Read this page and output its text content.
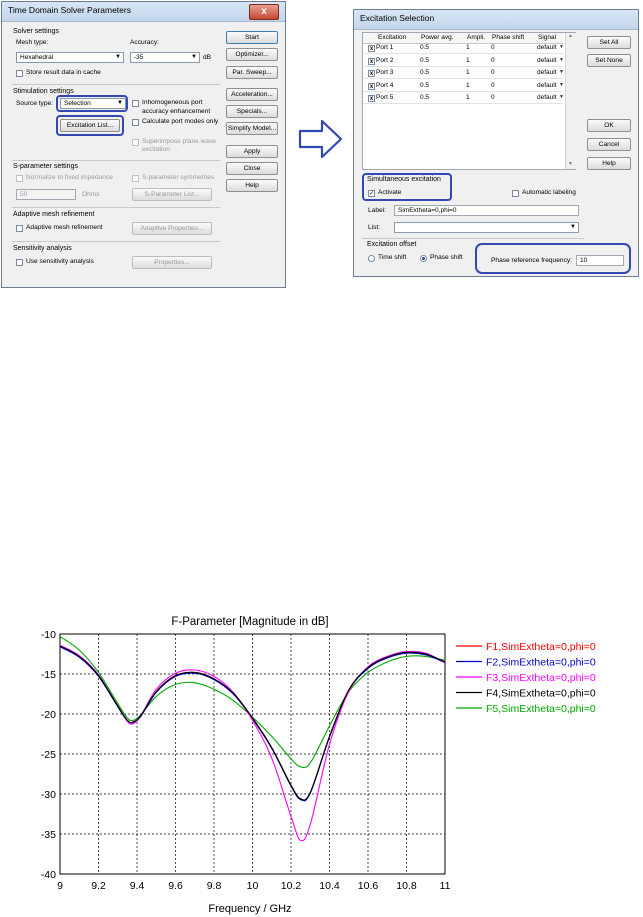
Time Domain Solver Parameters	x
Solver settings
Mesh type:
Hexahedral	▼
Accuracy:
-35	▼ dB
Store result data in cache
Stimulation settings
Source type:	Selection	▼
Excitation List...
Inhomogeneous port
accuracy enhancement
Calculate port modes only
Superimpose plane wave
excitation
S-parameter settings
Normalize to fixed impedance	S-parameter symmetries
50	Ohms	S-Parameter List...
Adaptive mesh refinement
Adaptive mesh refinement	Adaptive Properties...
Sensitivity analysis
Use sensitivity analysis	Properties...
Start
Optimizer...
Par. Sweep...
Acceleration...
Specials...
Simplify Model...
Apply
Close
Help
Excitation Selection
Excitation Power avg. Ampli. Phase shift Signal ▲
▼
x Port 1	0.5	1	0	default ▼
x Port 2	0.5	1	0	default ▼
x Port 3	0.5	1	0	default ▼
x Port 4	0.5	1	0	default ▼
x Port 5	0.5	1	0	default ▼
Set All
Set None
OK
Cancel
Help
Simultaneous excitation
✓ Activate	Automatic labeling
Label:	SimExtheta=0,phi=0
List:	▼
Excitation offset
Time shift	Phase shift	Phase reference frequency:	10
F-Parameter [Magnitude in dB]
Frequency / GHz
9	9.2 9.4 9.6 9.8 10 10.2 10.4 10.6 10.8 11
-10
-15
-20
-25
-30
-35
-40
F1,SimExtheta=0,phi=0
F2,SimExtheta=0,phi=0
F3,SimExtheta=0,phi=0
F4,SimExtheta=0,phi=0
F5,SimExtheta=0,phi=0
